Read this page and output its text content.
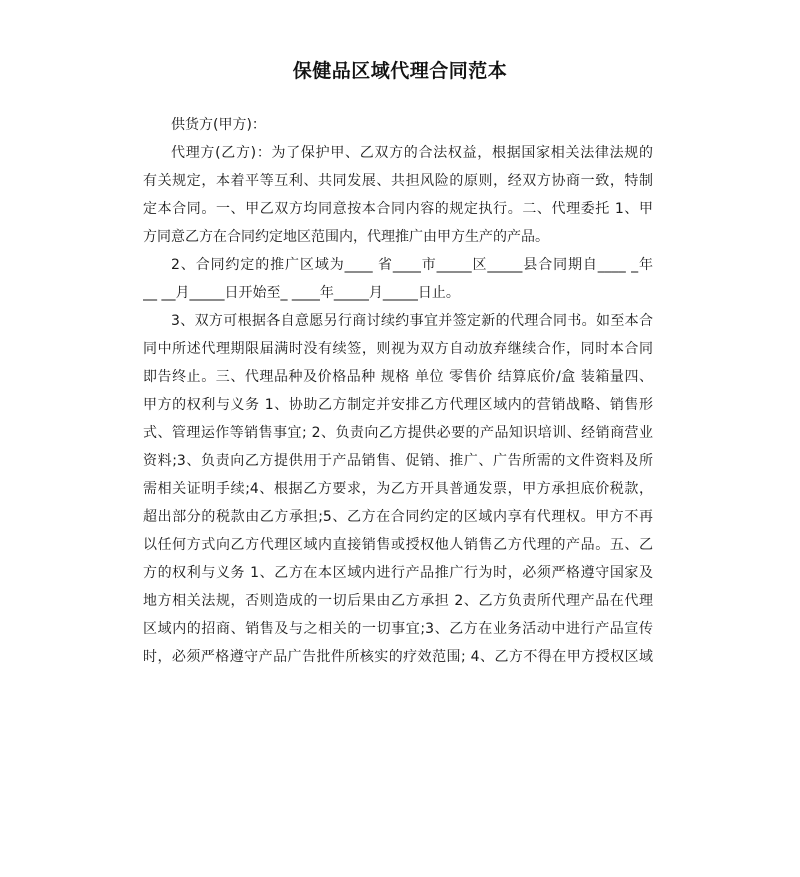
保健品区域代理合同范本
供货方(甲方)：
代理方(乙方)：为了保护甲、乙双方的合法权益，根据国家相关法律法规的
有关规定，本着平等互利、共同发展、共担风险的原则，经双方协商一致，特制
定本合同。一、甲乙双方均同意按本合同内容的规定执行。二、代理委托 1、甲
方同意乙方在合同约定地区范围内，代理推广由甲方生产的产品。
2、合同约定的推广区域为____ 省____市_____区_____县合同期自____ _年
__ __月_____日开始至_ ____年_____月_____日止。
3、双方可根据各自意愿另行商讨续约事宜并签定新的代理合同书。如至本合
同中所述代理期限届满时没有续签，则视为双方自动放弃继续合作，同时本合同
即告终止。三、代理品种及价格品种 规格 单位 零售价 结算底价/盒 装箱量四、
甲方的权利与义务 1、协助乙方制定并安排乙方代理区域内的营销战略、销售形
式、管理运作等销售事宜; 2、负责向乙方提供必要的产品知识培训、经销商营业
资料;3、负责向乙方提供用于产品销售、促销、推广、广告所需的文件资料及所
需相关证明手续;4、根据乙方要求，为乙方开具普通发票，甲方承担底价税款，
超出部分的税款由乙方承担;5、乙方在合同约定的区域内享有代理权。甲方不再
以任何方式向乙方代理区域内直接销售或授权他人销售乙方代理的产品。五、乙
方的权利与义务 1、乙方在本区域内进行产品推广行为时，必须严格遵守国家及
地方相关法规，否则造成的一切后果由乙方承担 2、乙方负责所代理产品在代理
区域内的招商、销售及与之相关的一切事宜;3、乙方在业务活动中进行产品宣传
时，必须严格遵守产品广告批件所核实的疗效范围; 4、乙方不得在甲方授权区域
